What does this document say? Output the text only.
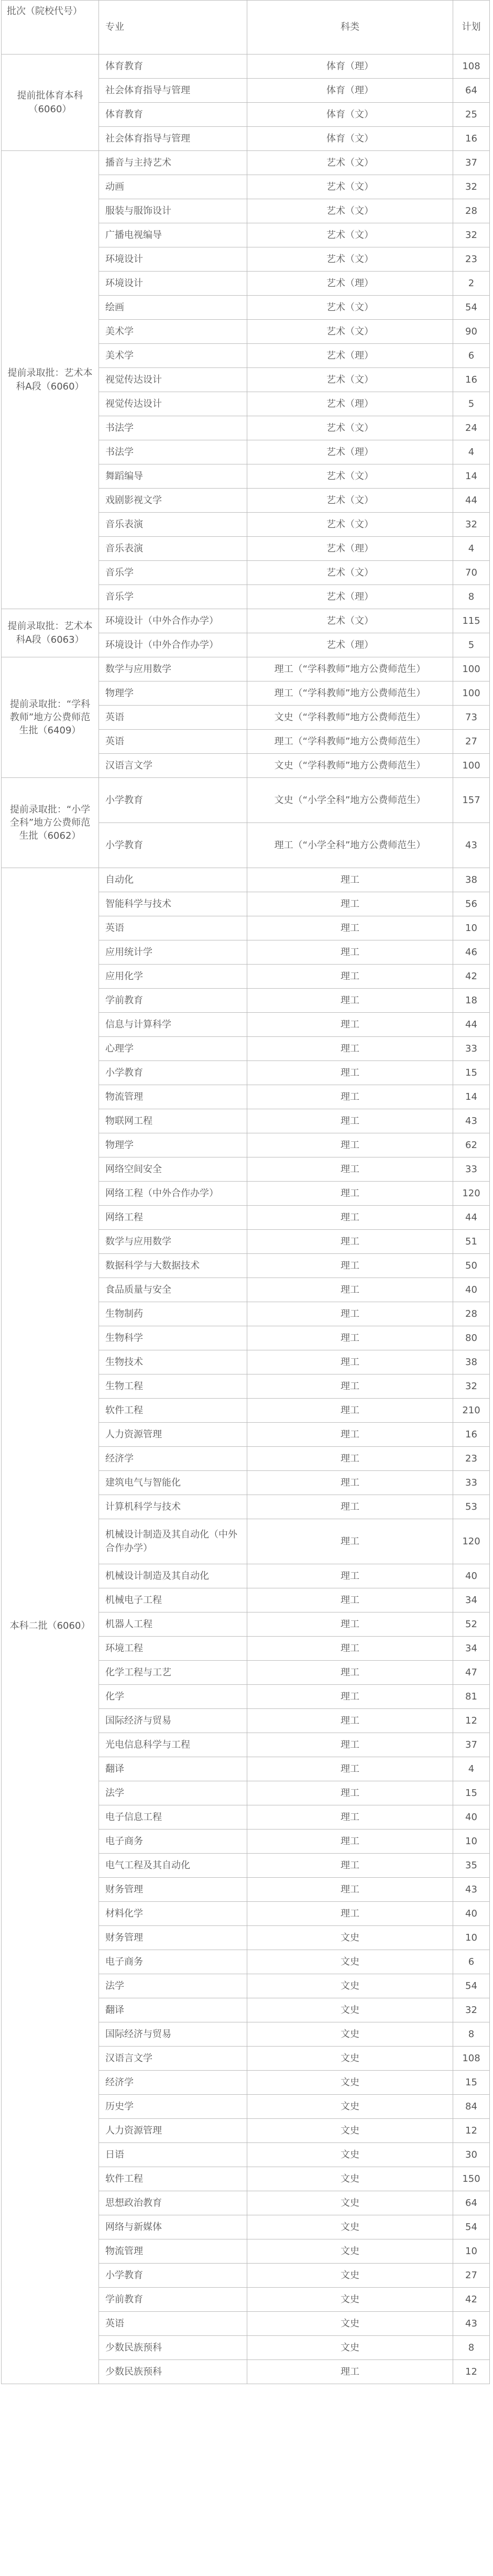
批次（院校代号）	专业	科类	计划
提前批体育本科（6060）	体育教育	体育（理）	108
	社会体育指导与管理	体育（理）	64
	体育教育	体育（文）	25
	社会体育指导与管理	体育（文）	16
提前录取批：艺术本科A段（6060）	播音与主持艺术	艺术（文）	37
	动画	艺术（文）	32
	服装与服饰设计	艺术（文）	28
	广播电视编导	艺术（文）	32
	环境设计	艺术（文）	23
	环境设计	艺术（理）	2
	绘画	艺术（文）	54
	美术学	艺术（文）	90
	美术学	艺术（理）	6
	视觉传达设计	艺术（文）	16
	视觉传达设计	艺术（理）	5
	书法学	艺术（文）	24
	书法学	艺术（理）	4
	舞蹈编导	艺术（文）	14
	戏剧影视文学	艺术（文）	44
	音乐表演	艺术（文）	32
	音乐表演	艺术（理）	4
	音乐学	艺术（文）	70
	音乐学	艺术（理）	8
提前录取批：艺术本科A段（6063）	环境设计（中外合作办学）	艺术（文）	115
	环境设计（中外合作办学）	艺术（理）	5
提前录取批：“学科教师”地方公费师范生批（6409）	数学与应用数学	理工（“学科教师”地方公费师范生）	100
	物理学	理工（“学科教师”地方公费师范生）	100
	英语	文史（“学科教师”地方公费师范生）	73
	英语	理工（“学科教师”地方公费师范生）	27
	汉语言文学	文史（“学科教师”地方公费师范生）	100
提前录取批：“小学全科”地方公费师范生批（6062）	小学教育	文史（“小学全科”地方公费师范生）	157
	小学教育	理工（“小学全科”地方公费师范生）	43
本科二批（6060）	自动化	理工	38
	智能科学与技术	理工	56
	英语	理工	10
	应用统计学	理工	46
	应用化学	理工	42
	学前教育	理工	18
	信息与计算科学	理工	44
	心理学	理工	33
	小学教育	理工	15
	物流管理	理工	14
	物联网工程	理工	43
	物理学	理工	62
	网络空间安全	理工	33
	网络工程（中外合作办学）	理工	120
	网络工程	理工	44
	数学与应用数学	理工	51
	数据科学与大数据技术	理工	50
	食品质量与安全	理工	40
	生物制药	理工	28
	生物科学	理工	80
	生物技术	理工	38
	生物工程	理工	32
	软件工程	理工	210
	人力资源管理	理工	16
	经济学	理工	23
	建筑电气与智能化	理工	33
	计算机科学与技术	理工	53
	机械设计制造及其自动化（中外合作办学）	理工	120
	机械设计制造及其自动化	理工	40
	机械电子工程	理工	34
	机器人工程	理工	52
	环境工程	理工	34
	化学工程与工艺	理工	47
	化学	理工	81
	国际经济与贸易	理工	12
	光电信息科学与工程	理工	37
	翻译	理工	4
	法学	理工	15
	电子信息工程	理工	40
	电子商务	理工	10
	电气工程及其自动化	理工	35
	财务管理	理工	43
	材料化学	理工	40
	财务管理	文史	10
	电子商务	文史	6
	法学	文史	54
	翻译	文史	32
	国际经济与贸易	文史	8
	汉语言文学	文史	108
	经济学	文史	15
	历史学	文史	84
	人力资源管理	文史	12
	日语	文史	30
	软件工程	文史	150
	思想政治教育	文史	64
	网络与新媒体	文史	54
	物流管理	文史	10
	小学教育	文史	27
	学前教育	文史	42
	英语	文史	43
	少数民族预科	文史	8
	少数民族预科	理工	12
